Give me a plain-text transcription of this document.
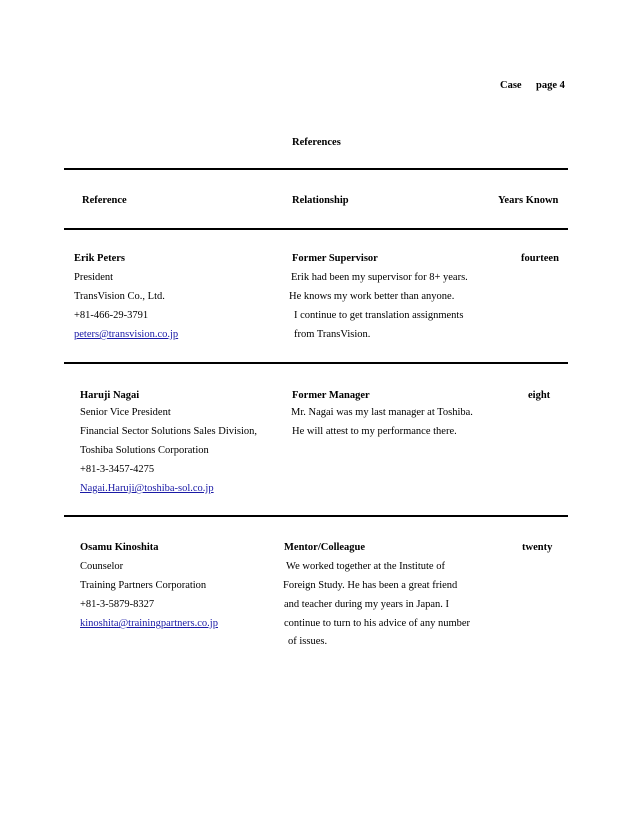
Case page 4
References
Reference	Relationship	Years Known
Erik Peters
President
TransVision Co., Ltd.
+81-466-29-3791
peters@transvision.co.jp
Former Supervisor
Erik had been my supervisor for 8+ years.
He knows my work better than anyone.
I continue to get translation assignments
from TransVision.
fourteen
Haruji Nagai
Senior Vice President
Financial Sector Solutions Sales Division,
Toshiba Solutions Corporation
+81-3-3457-4275
Nagai.Haruji@toshiba-sol.co.jp
Former Manager
Mr. Nagai was my last manager at Toshiba.
He will attest to my performance there.
eight
Osamu Kinoshita
Counselor
Training Partners Corporation
+81-3-5879-8327
kinoshita@trainingpartners.co.jp
Mentor/Colleague
We worked together at the Institute of
Foreign Study. He has been a great friend
and teacher during my years in Japan. I
continue to turn to his advice of any number
of issues.
twenty
